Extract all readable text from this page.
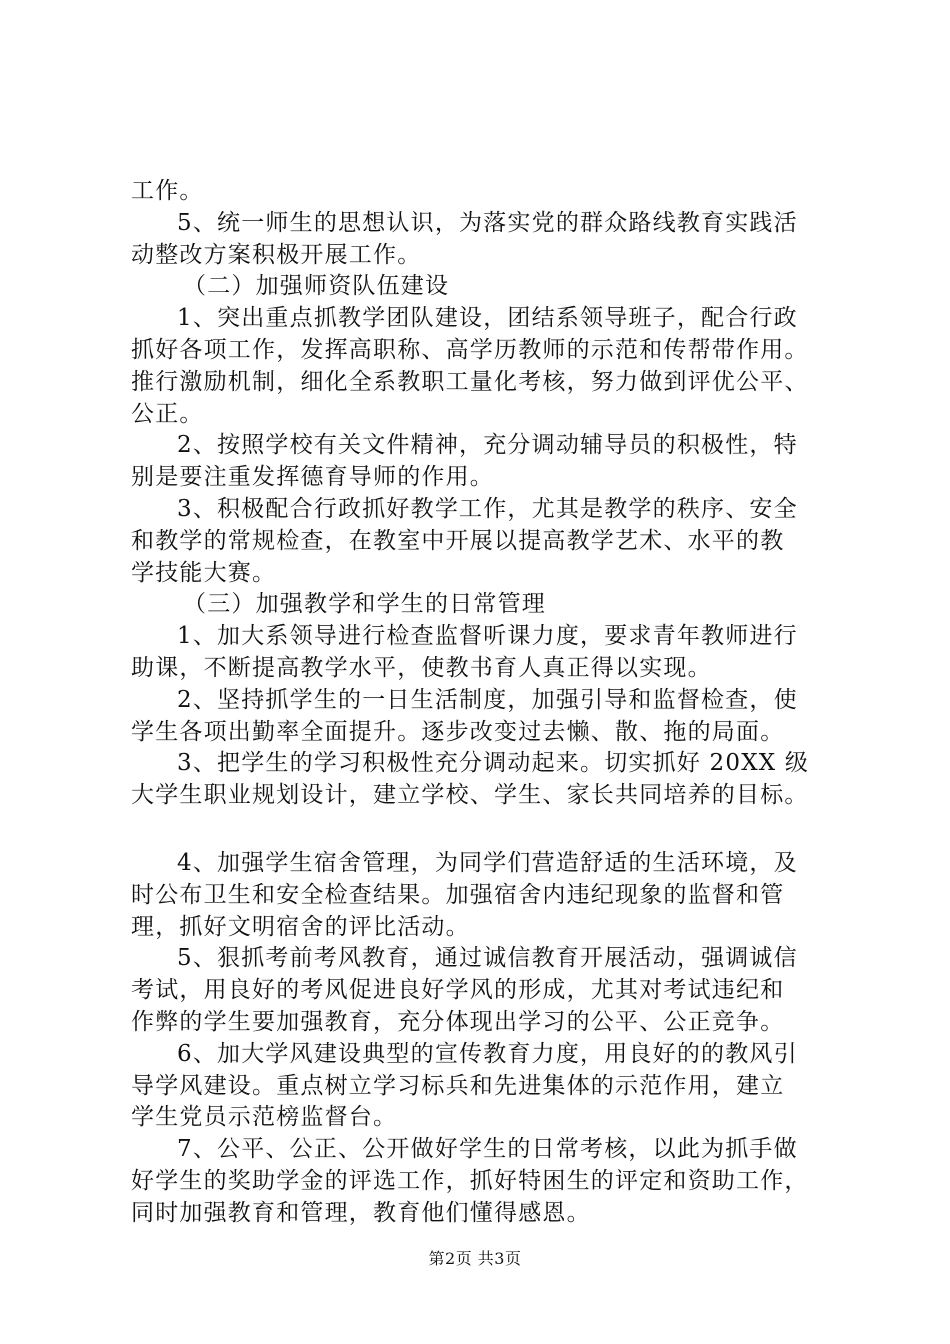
工作。
5、统一师生的思想认识，为落实党的群众路线教育实践活
动整改方案积极开展工作。
（二）加强师资队伍建设
1、突出重点抓教学团队建设，团结系领导班子，配合行政
抓好各项工作，发挥高职称、高学历教师的示范和传帮带作用。
推行激励机制，细化全系教职工量化考核，努力做到评优公平、
公正。
2、按照学校有关文件精神，充分调动辅导员的积极性，特
别是要注重发挥德育导师的作用。
3、积极配合行政抓好教学工作，尤其是教学的秩序、安全
和教学的常规检查，在教室中开展以提高教学艺术、水平的教
学技能大赛。
（三）加强教学和学生的日常管理
1、加大系领导进行检查监督听课力度，要求青年教师进行
助课，不断提高教学水平，使教书育人真正得以实现。
2、坚持抓学生的一日生活制度，加强引导和监督检查，使
学生各项出勤率全面提升。逐步改变过去懒、散、拖的局面。
3、把学生的学习积极性充分调动起来。切实抓好 20XX 级
大学生职业规划设计，建立学校、学生、家长共同培养的目标。
4、加强学生宿舍管理，为同学们营造舒适的生活环境，及
时公布卫生和安全检查结果。加强宿舍内违纪现象的监督和管
理，抓好文明宿舍的评比活动。
5、狠抓考前考风教育，通过诚信教育开展活动，强调诚信
考试，用良好的考风促进良好学风的形成，尤其对考试违纪和
作弊的学生要加强教育，充分体现出学习的公平、公正竞争。
6、加大学风建设典型的宣传教育力度，用良好的的教风引
导学风建设。重点树立学习标兵和先进集体的示范作用，建立
学生党员示范榜监督台。
7、公平、公正、公开做好学生的日常考核，以此为抓手做
好学生的奖助学金的评选工作，抓好特困生的评定和资助工作，
同时加强教育和管理，教育他们懂得感恩。
第2页 共3页
